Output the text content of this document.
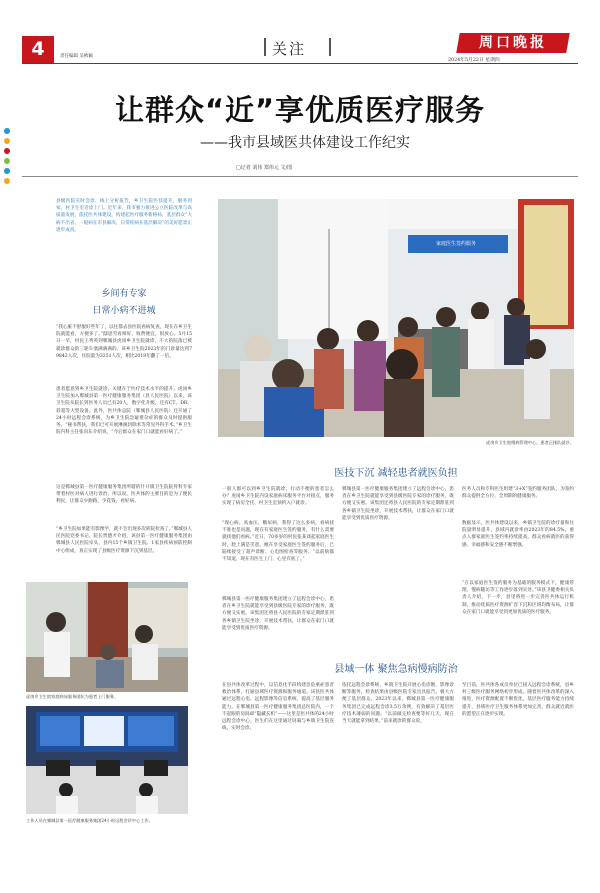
4	责任编辑 吴秋颖	关注	周口晚报
2024年5月22日 星期四
让群众“近”享优质医疗服务
——我市县域医共体建设工作纪实
□记者 刘伟 郑伟元 文/图
县级医院实时会诊、线上分析报告，乡卫生院医技提升，服务到家，村卫生室近诊上门。近年来，我市强力推进公立医院改革与高质量发展，依托医共体建设，构建起医疗服务新格局，基层群众“大病不出省、一般病在市县解决、日常疾病在基层解决”的美好愿景正逐步成真。
乡间有专家
日常小病不进城
“我心脏不舒服好些年了，以往都去县医院看病复查，现在在乡卫生院就能看，方便多了。”邸思雪看师好、收费便宜，很放心。5月15日一早，村民王秀英到郸城县虎岗乡卫生院就诊，不大的院落已被就诊群众的三轮车塞满满满的。该乡卫生院2023年的门诊量达到79842人次，住院量为3351人次，相比2019年翻了一倍。
患者愿意到乡卫生院就诊，关键在于医疗技术水平的提升。虎岗乡卫生院加入郸城县第一医疗健康服务集团（县人民医院）以来，该卫生院从院长到医务人员已有20人，数字化升级，还有CT、DR、彩超等大型设备。此外，医共体总院（郸城县人民医院）还开通了24小时远程会诊系统，为乡卫生院急疑难杂症的群众及时提供服务。“秘书帮扶，我们已可开展淋漓切除术等常见外科手术。”乡卫生院内科主任张向东介绍说，“今后群众在家门口就能看好病了。”
这是郸城县第一医疗健康服务集团所辖的什开镇卫生院院骨科专家带着村医对病人进行诊治。所以说，医共体的主要目的是为了便民利民，让群众少跑路，少花钱，看好病。
“乡卫生院如果能有影像学，就不会出现多次转院检查了。”郸城县人民医院党委书记、院长贾德才介绍，该县第一医疗健康服务集团由郸城县人民医院牵头，县内15个乡镇卫生院、1家县疾病预防控制中心组成，真正实现了县级医疗资源下沉到基层。
虎岗乡卫生院家庭病床服务团队为患者上门服务。
工作人员在郸城县第一医疗健康服务集团24小时远程会诊中心工作。
家庭医生签约服务
虎岗乡卫生院慢病管理中心，患者正排队就诊。
医技下沉 减轻患者就医负担
一般人群可以到乡卫生院就诊，行动不便的患者怎么办？虎岗乡卫生院内设家庭病床服务平台对接点，服务实现了病房全托、村卫生室预约入户就诊。
“现心病、高血压、糖尿病，我得了这么多病，看病找不准也是问题，现在有家庭医生签约服务，有什么需要就找他们看病。”近日，70多岁的村民张某谈起家庭医生时，脸上满是笑意。她在享受家庭医生签约服务后，已陆续接受了超声诊断、心电图检查等服务。“以前啥都不知道，现在有医生上门，心里有底了。”
郸城县第一医疗健康服务集团建立了远程会诊中心，患者在乡卫生院就能享受到县级医院专家的诊疗服务，既方便又实惠。该集团还将县人民医院的专家定期派驻到各乡镇卫生院坐诊，开展技术帮扶，让群众在家门口就能享受到优质医疗资源。
郸城县第一医疗健康服务集团建立了远程会诊中心，患者在乡卫生院就能享受到县级医院专家的诊疗服务，既方便又实惠。该集团还将县人民医院的专家定期派驻到各乡镇卫生院坐诊，开展技术帮扶，让群众在家门口就能享受到优质医疗资源。
医务人员和专科医生组建“3+X”签约服务团队，为签约群众提供全方位、全周期的健康服务。
数据显示，医共体建设以来，乡镇卫生院的诊疗量和住院量明显提升。县域内就诊率由2023年的84.5%，重点人群家庭医生签约率持续提高。群众看病就医的获得感、幸福感和安全感不断增强。
“在以家庭医生签约服务为基础的服务模式下，健康管理、慢病随访等工作逐步落到实处。”该县卫健委相关负责人介绍，下一步，县里将进一步完善医共体运行机制，推动优质医疗资源扩容下沉和区域均衡布局，让群众在家门口就能享受到更加优质的医疗服务。
县域一体 聚焦急病慢病防治
在县共体改革过程中，以信息化手段构建急危重症患者救治体系，打通县域医疗资源和服务通道。该县医共体通过远程心电、远程影像等信息系统，提高了基层服务能力。在郸城县第一医疗健康服务集团总医院内，一个不起眼的房间却“隐藏玄机”——这里是医共体的24小时远程会诊中心。医生们在这里通过屏幕与乡镇卫生院连线，实时会诊。
依托远程会诊系统，乡镇卫生院开展心电诊断、影像诊断等服务，检查结果由县级医院专家出具报告，极大方便了基层群众。2023年以来，郸城县第一医疗健康服务集团已完成远程会诊3.5万余例，有效解决了基层医疗技术薄弱的问题。“以前做完检查要等好几天，现在当天就能拿到结果。”前来就诊的群众说。
至目前，医共体各成员单位已接入远程会诊系统，县乡村三级医疗服务网络初步形成。随着医共体改革的深入推进，医疗资源配置不断优化，基层医疗服务能力持续提升，县域医疗卫生服务体系更加完善，群众就近就医的愿望正在逐步实现。
